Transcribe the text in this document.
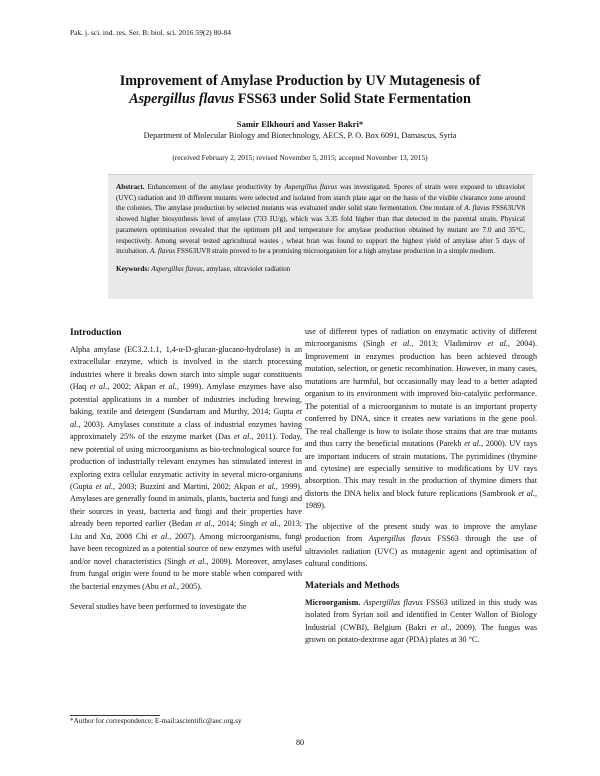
Pak. j. sci. ind. res. Ser. B: biol. sci. 2016 59(2) 80-84
Improvement of Amylase Production by UV Mutagenesis of
Aspergillus flavus FSS63 under Solid State Fermentation
Samir Elkhouri and Yasser Bakri*
Department of Molecular Biology and Biotechnology, AECS, P. O. Box 6091, Damascus, Syria
(received February 2, 2015; revised November 5, 2015; accepted November 13, 2015)

Abstract. Enhancement of the amylase productivity by Aspergillus flavus was investigated. Spores of strain were exposed to ultraviolet (UVC) radiation and 10 different mutants were selected and isolated from starch plate agar on the basis of the visible clearance zone around the colonies. The amylase production by selected mutants was evaluated under solid state fermentation. One mutant of A. flavus FSS63UV8 showed higher biosynthesis level of amylase (733 IU/g), which was 3.35 fold higher than that detected in the parental strain. Physical parameters optimisation revealed that the optimum pH and temperature for amylase production obtained by mutant are 7.0 and 35°C, respectively. Among several tested agricultural wastes , wheat bran was found to support the highest yield of amylase after 5 days of incubation. A. flavus FSS63UV8 strain proved to be a promising microorganism for a high amylase production in a simple medium.

Keywords: Aspergillus flavus, amylase, ultraviolet radiation

Introduction

Alpha amylase (EC3.2.1.1, 1,4-α-D-glucan-glucano-hydrolase) is an extracellular enzyme, which is involved in the starch processing industries where it breaks down starch into simple sugar constituents (Haq et al., 2002; Akpan et al., 1999). Amylase enzymes have also potential applications in a number of industries including brewing, baking, textile and detergent (Sundarram and Murthy, 2014; Gupta et al., 2003). Amylases constitute a class of industrial enzymes having approximately 25% of the enzyme market (Das et al., 2011). Today, new potential of using microorganisms as bio-technological source for production of industrially relevant enzymes has stimulated interest in exploring extra cellular enzymatic activity in several micro-organisms (Gupta et al., 2003; Buzzini and Martini, 2002; Akpan et al., 1999). Amylases are generally found in animals, plants, bacteria and fungi and their sources in yeast, bacteria and fungi and their properties have already been reported earlier (Bedan et al., 2014; Singh et al., 2013; Liu and Xu, 2008 Chi et al., 2007). Among microorganisms, fungi have been recognized as a potential source of new enzymes with useful and/or novel characteristics (Singh et al., 2009). Moreover, amylases from fungal origin were found to be more stable when compared with the bacterial enzymes (Abu et al., 2005).

Several studies have been performed to investigate the

use of different types of radiation on enzymatic activity of different microorganisms (Singh et al., 2013; Vladimirov et al., 2004). Improvement in enzymes production has been achieved through mutation, selection, or genetic recombination. However, in many cases, mutations are harmful, but occasionally may lead to a better adapted organism to its environment with improved bio-catalytic performance. The potential of a microorganism to mutate is an important property conferred by DNA, since it creates new variations in the gene pool. The real challenge is how to isolate those strains that are true mutants and thus carry the beneficial mutations (Parekh et al., 2000). UV rays are important inducers of strain mutations. The pyrimidines (thymine and cytosine) are especially sensitive to modifications by UV rays absorption. This may result in the production of thymine dimers that distorts the DNA helix and block future replications (Sambrook et al., 1989).

The objective of the present study was to improve the amylase production from Aspergillus flavus FSS63 through the use of ultraviolet radiation (UVC) as mutagenic agent and optimisation of cultural conditions.

Materials and Methods

Microorganism. Aspergillus flavus FSS63 utilized in this study was isolated from Syrian soil and identified in Center Wallon of Biology Industrial (CWBI), Belgium (Bakri et al., 2009). The fungus was grown on potato-dextrose agar (PDA) plates at 30 °C.

*Author for correspondence; E-mail:ascientific@aec.org.sy
80
